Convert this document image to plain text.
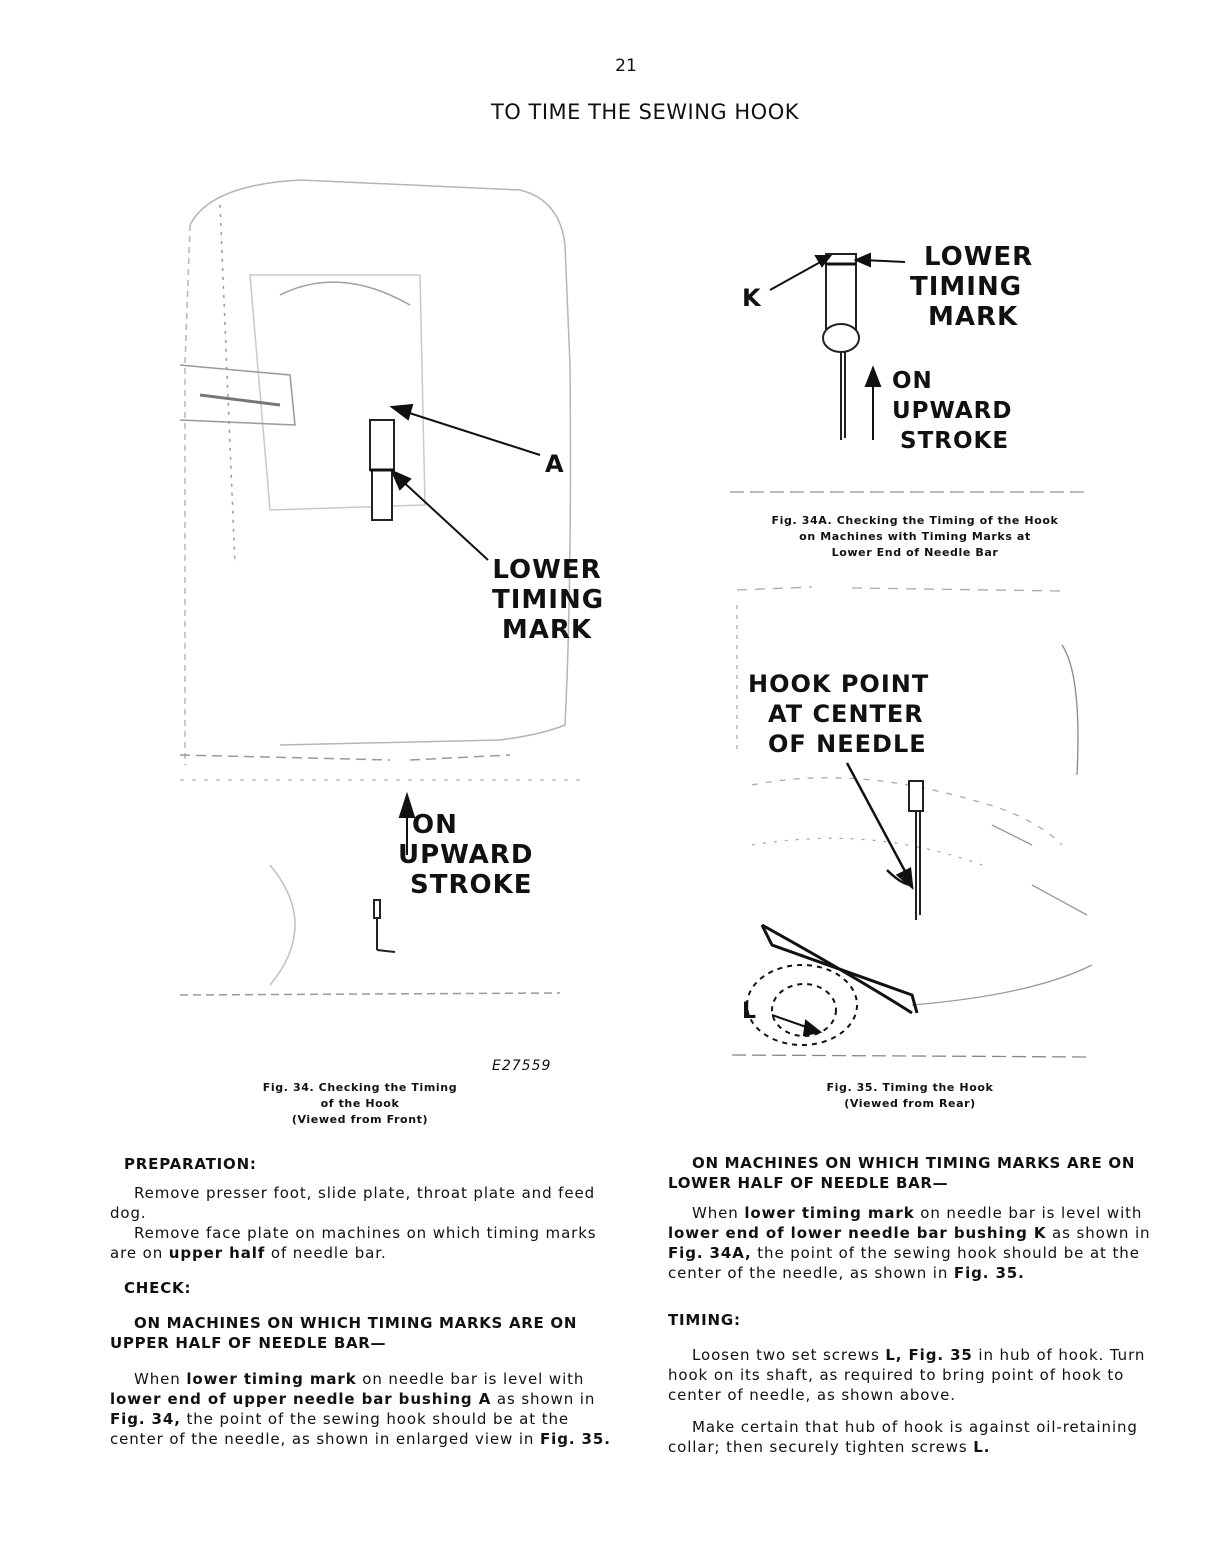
21
TO TIME THE SEWING HOOK
A
LOWER
TIMING
MARK
ON
UPWARD
STROKE
E27559
Fig. 34. Checking the Timing
of the Hook
(Viewed from Front)
K
LOWER
TIMING
MARK
ON
UPWARD
STROKE
Fig. 34A. Checking the Timing of the Hook
on Machines with Timing Marks at
Lower End of Needle Bar
HOOK POINT
AT CENTER
OF NEEDLE
L
Fig. 35. Timing the Hook
(Viewed from Rear)
PREPARATION:

Remove presser foot, slide plate, throat plate and feed dog.

Remove face plate on machines on which timing marks are on upper half of needle bar.

CHECK:
ON MACHINES ON WHICH TIMING MARKS ARE ON UPPER HALF OF NEEDLE BAR—

When lower timing mark on needle bar is level with lower end of upper needle bar bushing A as shown in Fig. 34, the point of the sewing hook should be at the center of the needle, as shown in enlarged view in Fig. 35.

ON MACHINES ON WHICH TIMING MARKS ARE ON LOWER HALF OF NEEDLE BAR—

When lower timing mark on needle bar is level with lower end of lower needle bar bushing K as shown in Fig. 34A, the point of the sewing hook should be at the center of the needle, as shown in Fig. 35.

TIMING:

Loosen two set screws L, Fig. 35 in hub of hook. Turn hook on its shaft, as required to bring point of hook to center of needle, as shown above.

Make certain that hub of hook is against oil-retaining collar; then securely tighten screws L.
